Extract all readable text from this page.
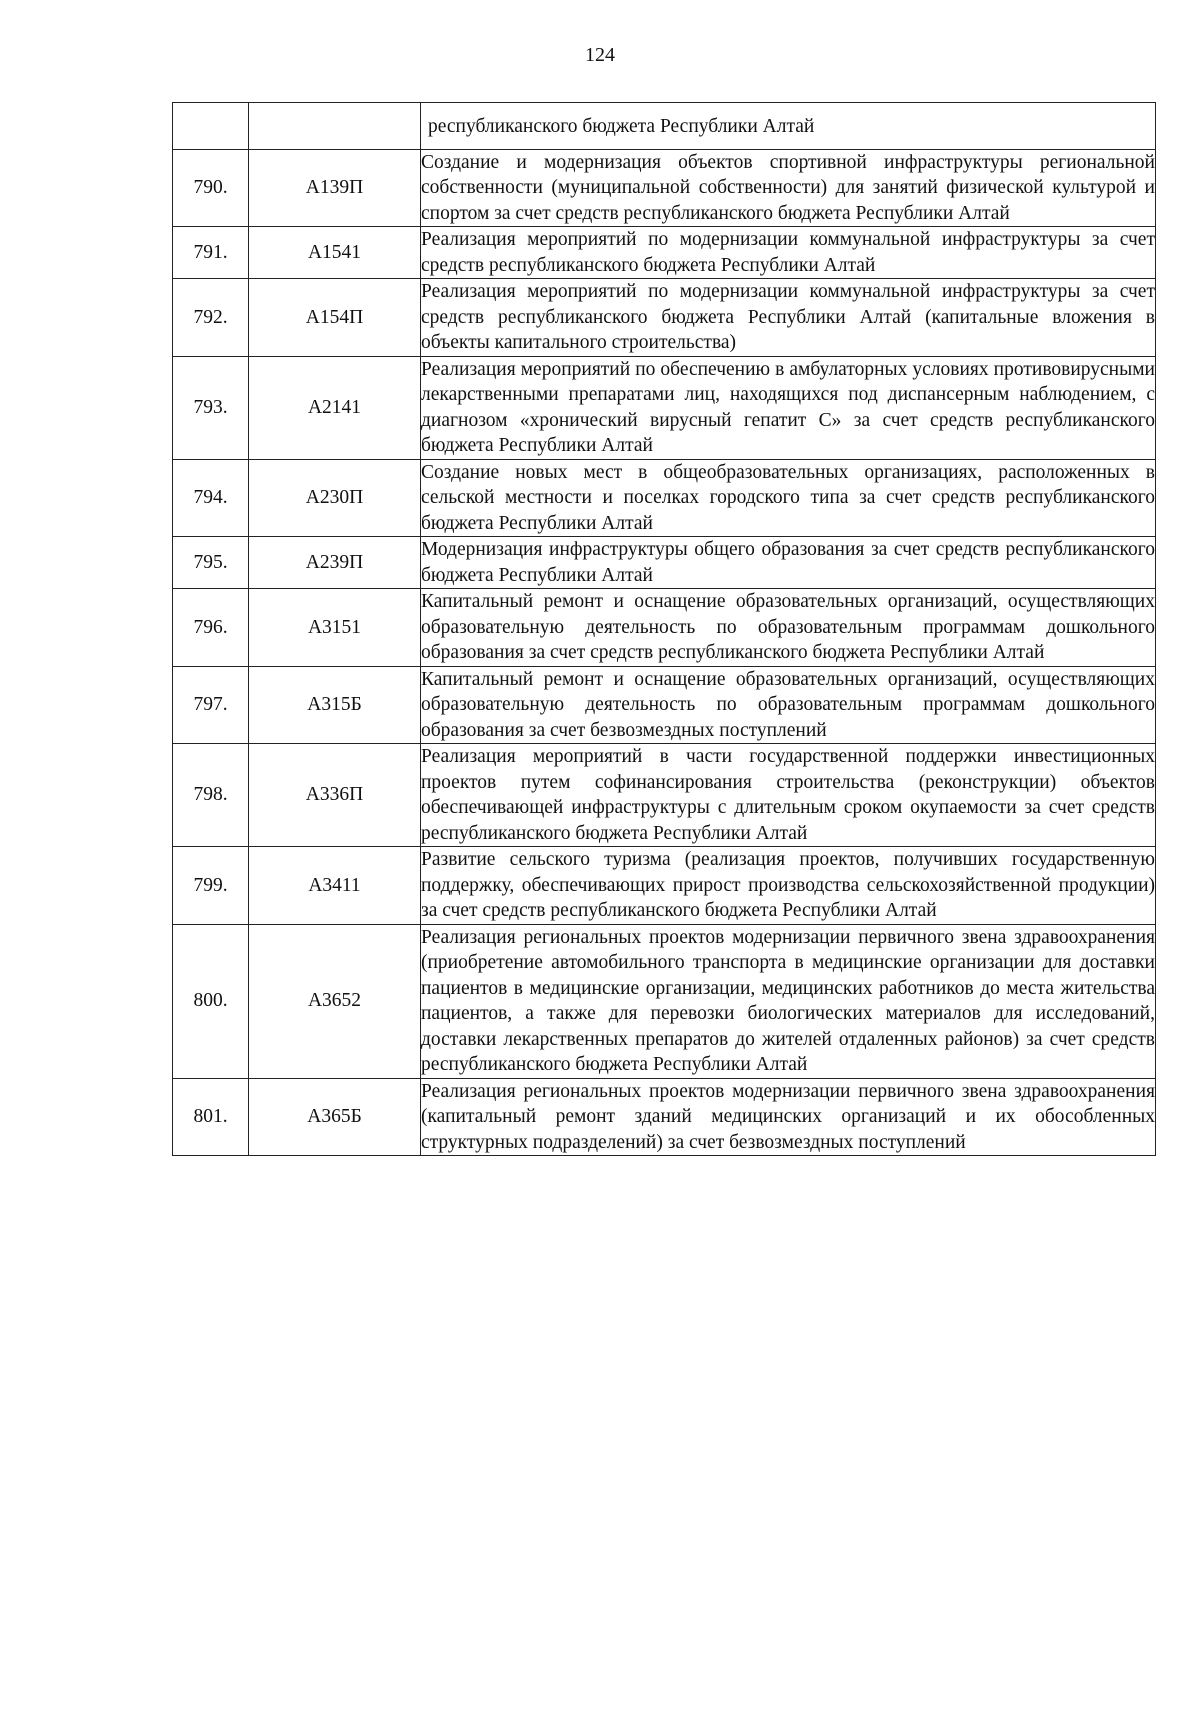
124
		республиканского бюджета Республики Алтай
790.	А139П	Создание и модернизация объектов спортивной инфраструктуры региональной собственности (муниципальной собственности) для занятий физической культурой и спортом за счет средств республиканского бюджета Республики Алтай
791.	А1541	Реализация мероприятий по модернизации коммунальной инфраструктуры за счет средств республиканского бюджета Республики Алтай
792.	А154П	Реализация мероприятий по модернизации коммунальной инфраструктуры за счет средств республиканского бюджета Республики Алтай (капитальные вложения в объекты капитального строительства)
793.	А2141	Реализация мероприятий по обеспечению в амбулаторных условиях противовирусными лекарственными препаратами лиц, находящихся под диспансерным наблюдением, с диагнозом «хронический вирусный гепатит С» за счет средств республиканского бюджета Республики Алтай
794.	А230П	Создание новых мест в общеобразовательных организациях, расположенных в сельской местности и поселках городского типа за счет средств республиканского бюджета Республики Алтай
795.	А239П	Модернизация инфраструктуры общего образования за счет средств республиканского бюджета Республики Алтай
796.	А3151	Капитальный ремонт и оснащение образовательных организаций, осуществляющих образовательную деятельность по образовательным программам дошкольного образования за счет средств республиканского бюджета Республики Алтай
797.	А315Б	Капитальный ремонт и оснащение образовательных организаций, осуществляющих образовательную деятельность по образовательным программам дошкольного образования за счет безвозмездных поступлений
798.	А336П	Реализация мероприятий в части государственной поддержки инвестиционных проектов путем софинансирования строительства (реконструкции) объектов обеспечивающей инфраструктуры с длительным сроком окупаемости за счет средств республиканского бюджета Республики Алтай
799.	А3411	Развитие сельского туризма (реализация проектов, получивших государственную поддержку, обеспечивающих прирост производства сельскохозяйственной продукции) за счет средств республиканского бюджета Республики Алтай
800.	А3652	Реализация региональных проектов модернизации первичного звена здравоохранения (приобретение автомобильного транспорта в медицинские организации для доставки пациентов в медицинские организации, медицинских работников до места жительства пациентов, а также для перевозки биологических материалов для исследований, доставки лекарственных препаратов до жителей отдаленных районов) за счет средств республиканского бюджета Республики Алтай
801.	А365Б	Реализация региональных проектов модернизации первичного звена здравоохранения (капитальный ремонт зданий медицинских организаций и их обособленных структурных подразделений) за счет безвозмездных поступлений
